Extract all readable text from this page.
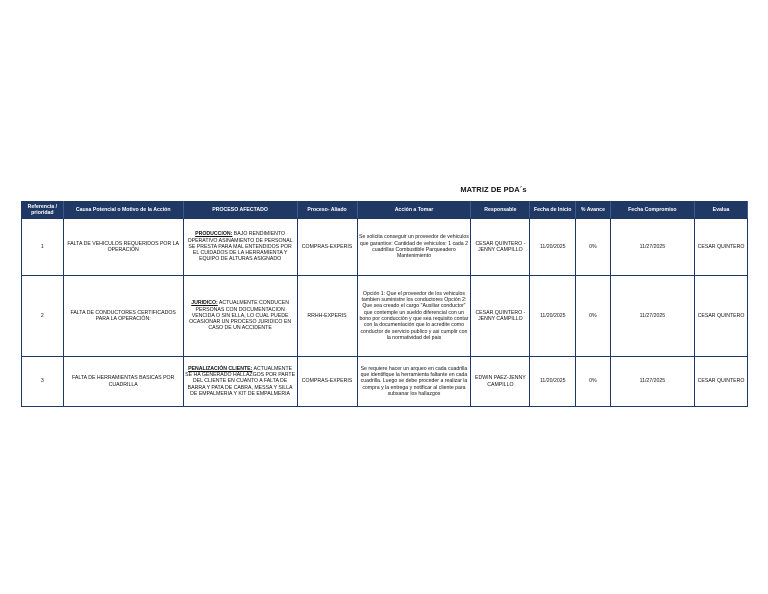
MATRIZ DE PDA´s
Referencia / prioridad	Causa Potencial o Motivo de la Acción	PROCESO AFECTADO	Proceso- Aliado	Acción a Tomar	Responsable	Fecha de Inicio	% Avance	Fecha Compromiso	Evalua
1	FALTA DE VEHICULOS REQUERIDOS POR LA OPERACIÓN	PRODUCCION: BAJO RENDIMIENTO OPERATIVO ASINAMIENTO DE PERSONAL SE PRESTA PARA MAL ENTENDIDOS POR EL CUIDADOS DE LA HERRAMIENTA Y EQUIPO DE ALTURAS ASIGNADO	COMPRAS-EXPERIS	Se solicita conseguir un proveedor de vehiculos que garantice: Cantidad de vehiculos: 1 cada 2 cuadrillas Combustible Parqueadero Mantenimiento	CESAR QUINTERO - JENNY CAMPILLO	11/20/2025	0%	11/27/2025	CESAR QUINTERO
2	FALTA DE CONDUCTORES CERTIFICADOS PARA LA OPERACIÓN:	JURIDICO: ACTUALMENTE CONDUCEN PERSONAS CON DOCUMENTACION VENCIDA O SIN ELLA, LO CUAL PUEDE OCASIONAR UN PROCESO JURIDICO EN CASO DE UN ACCIDENTE	RRHH-EXPERIS	Opción 1: Que el proveedor de los vehiculos tambien suministre los conductores Opción 2: Que sea creado el cargo "Auxiliar conductor" que contemple un sueldo diferencial con un bono por conducción y que sea requisito contar con la documentación que lo acredite como conductor de servicio publico y asi cumplir con la normatividad del pais	CESAR QUINTERO - JENNY CAMPILLO	11/20/2025	0%	11/27/2025	CESAR QUINTERO
3	FALTA DE HERRAMIENTAS BASICAS POR CUADRILLA	PENALIZACIÓN CLIENTE: ACTUALMENTE SE HA GENERADO HALLAZGOS POR PARTE DEL CLIENTE EN CUANTO A FALTA DE BARRA Y PATA DE CABRA, MESSA Y SILLA DE EMPALMERIA Y KIT DE EMPALMERIA	COMPRAS-EXPERIS	Se requiere hacer un arqueo en cada cuadrilla que identifique la herramienta faltante en cada cuadrilla. Luego se debe proceder a realizar la compra y la entrega y notificar al cliente para subsanar los hallazgos	EDWIN PAEZ-JENNY CAMPILLO	11/20/2025	0%	11/27/2025	CESAR QUINTERO
